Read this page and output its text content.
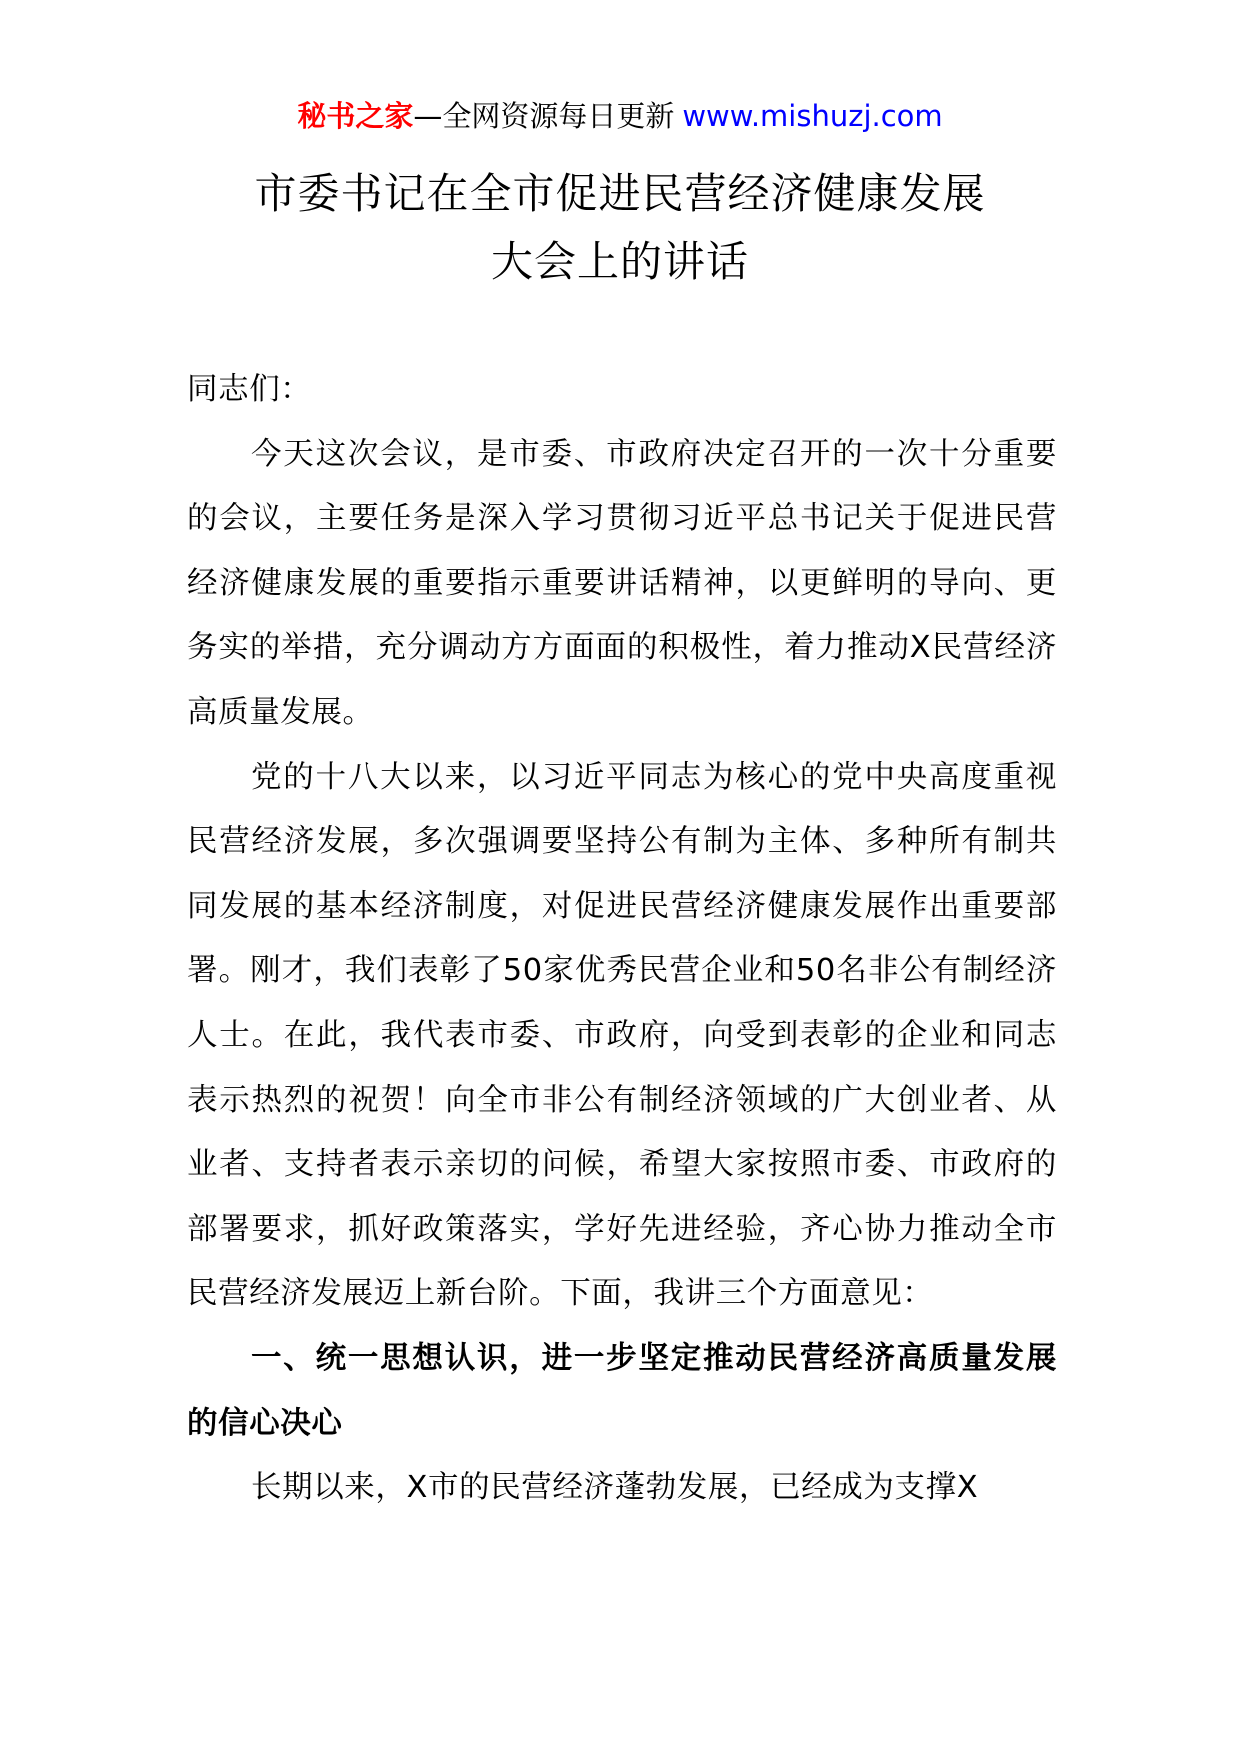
秘书之家—全网资源每日更新 www.mishuzj.com
市委书记在全市促进民营经济健康发展
大会上的讲话

同志们：

今天这次会议，是市委、市政府决定召开的一次十分重要的会议，主要任务是深入学习贯彻习近平总书记关于促进民营经济健康发展的重要指示重要讲话精神，以更鲜明的导向、更务实的举措，充分调动方方面面的积极性，着力推动X民营经济高质量发展。

党的十八大以来，以习近平同志为核心的党中央高度重视民营经济发展，多次强调要坚持公有制为主体、多种所有制共同发展的基本经济制度，对促进民营经济健康发展作出重要部署。刚才，我们表彰了50家优秀民营企业和50名非公有制经济人士。在此，我代表市委、市政府，向受到表彰的企业和同志表示热烈的祝贺！向全市非公有制经济领域的广大创业者、从业者、支持者表示亲切的问候，希望大家按照市委、市政府的部署要求，抓好政策落实，学好先进经验，齐心协力推动全市民营经济发展迈上新台阶。下面，我讲三个方面意见：

一、统一思想认识，进一步坚定推动民营经济高质量发展的信心决心

长期以来，X市的民营经济蓬勃发展，已经成为支撑X
